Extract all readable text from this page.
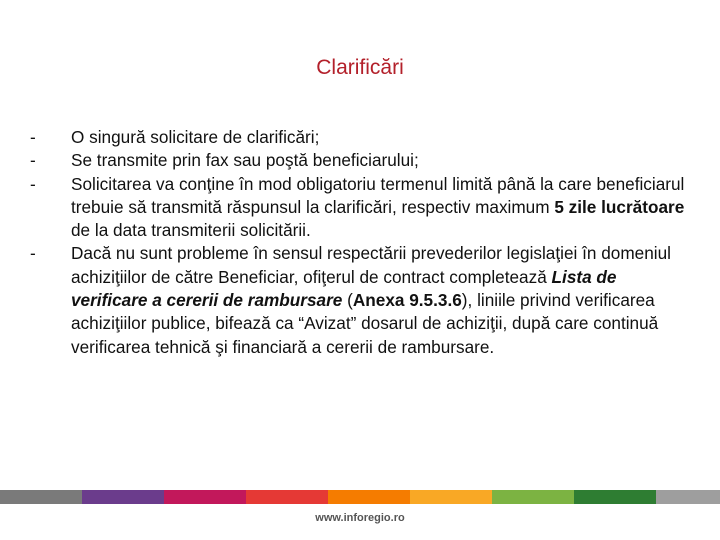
Clarificări
-	O singură solicitare de clarificări;
-	Se transmite prin fax sau poştă beneficiarului;
-	Solicitarea va conţine în mod obligatoriu termenul limită până la care beneficiarul trebuie să transmită răspunsul la clarificări, respectiv maximum 5 zile lucrătoare de la data transmiterii solicitării.
-	Dacă nu sunt probleme în sensul respectării prevederilor legislaţiei în domeniul achiziţiilor de către Beneficiar, ofiţerul de contract completează Lista de verificare a cererii de rambursare (Anexa 9.5.3.6), liniile privind verificarea achiziţiilor publice, bifează ca “Avizat” dosarul de achiziţii, după care continuă verificarea tehnică şi financiară a cererii de rambursare.
www.inforegio.ro
